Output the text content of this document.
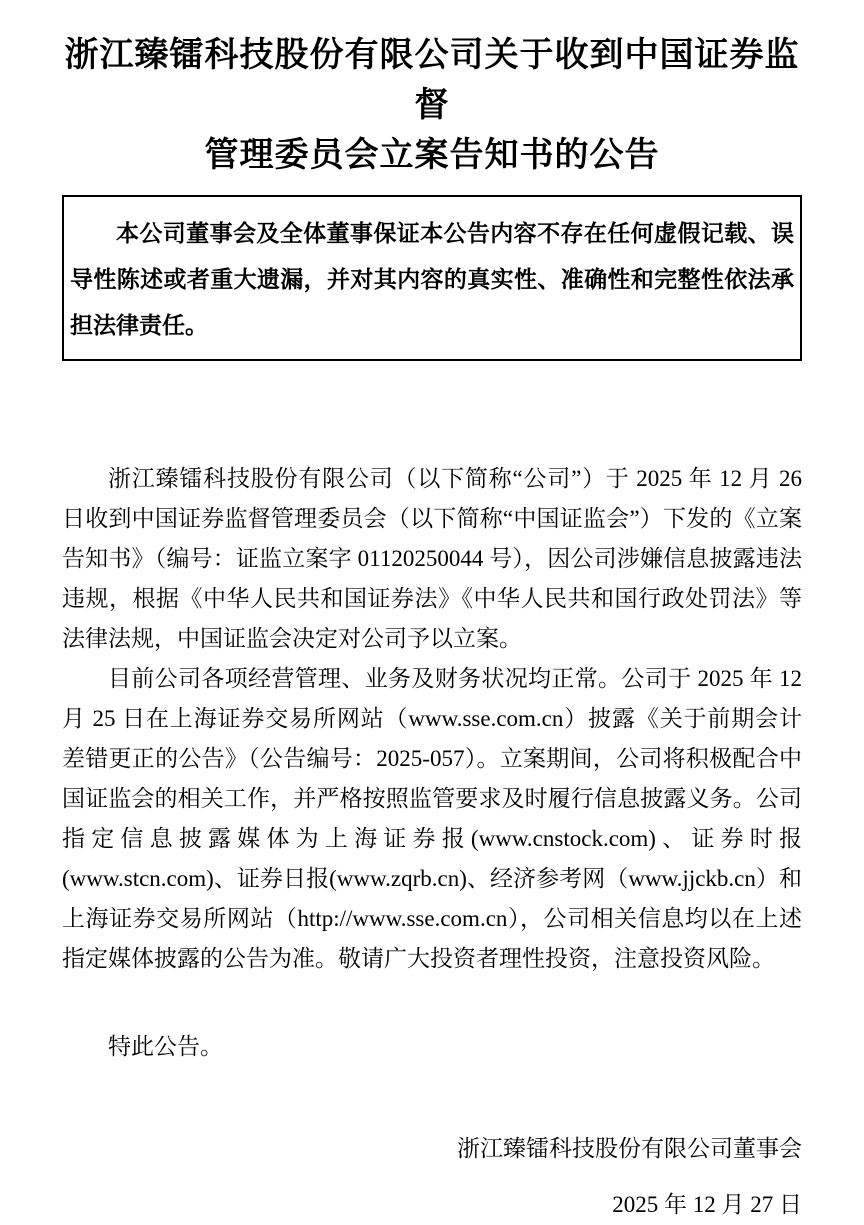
浙江臻镭科技股份有限公司关于收到中国证券监督
管理委员会立案告知书的公告

本公司董事会及全体董事保证本公告内容不存在任何虚假记载、误导性陈述或者重大遗漏，并对其内容的真实性、准确性和完整性依法承担法律责任。

浙江臻镭科技股份有限公司（以下简称“公司”）于 2025 年 12 月 26 日收到中国证券监督管理委员会（以下简称“中国证监会”）下发的《立案告知书》（编号：证监立案字 01120250044 号），因公司涉嫌信息披露违法违规，根据《中华人民共和国证券法》《中华人民共和国行政处罚法》等法律法规，中国证监会决定对公司予以立案。

目前公司各项经营管理、业务及财务状况均正常。公司于 2025 年 12 月 25 日在上海证券交易所网站（www.sse.com.cn）披露《关于前期会计差错更正的公告》（公告编号：2025-057）。立案期间，公司将积极配合中国证监会的相关工作，并严格按照监管要求及时履行信息披露义务。公司指定信息披露媒体为上海证券报(www.cnstock.com)、证券时报(www.stcn.com)、证券日报(www.zqrb.cn)、经济参考网（www.jjckb.cn）和上海证券交易所网站（http://www.sse.com.cn），公司相关信息均以在上述指定媒体披露的公告为准。敬请广大投资者理性投资，注意投资风险。

特此公告。

浙江臻镭科技股份有限公司董事会

2025 年 12 月 27 日
